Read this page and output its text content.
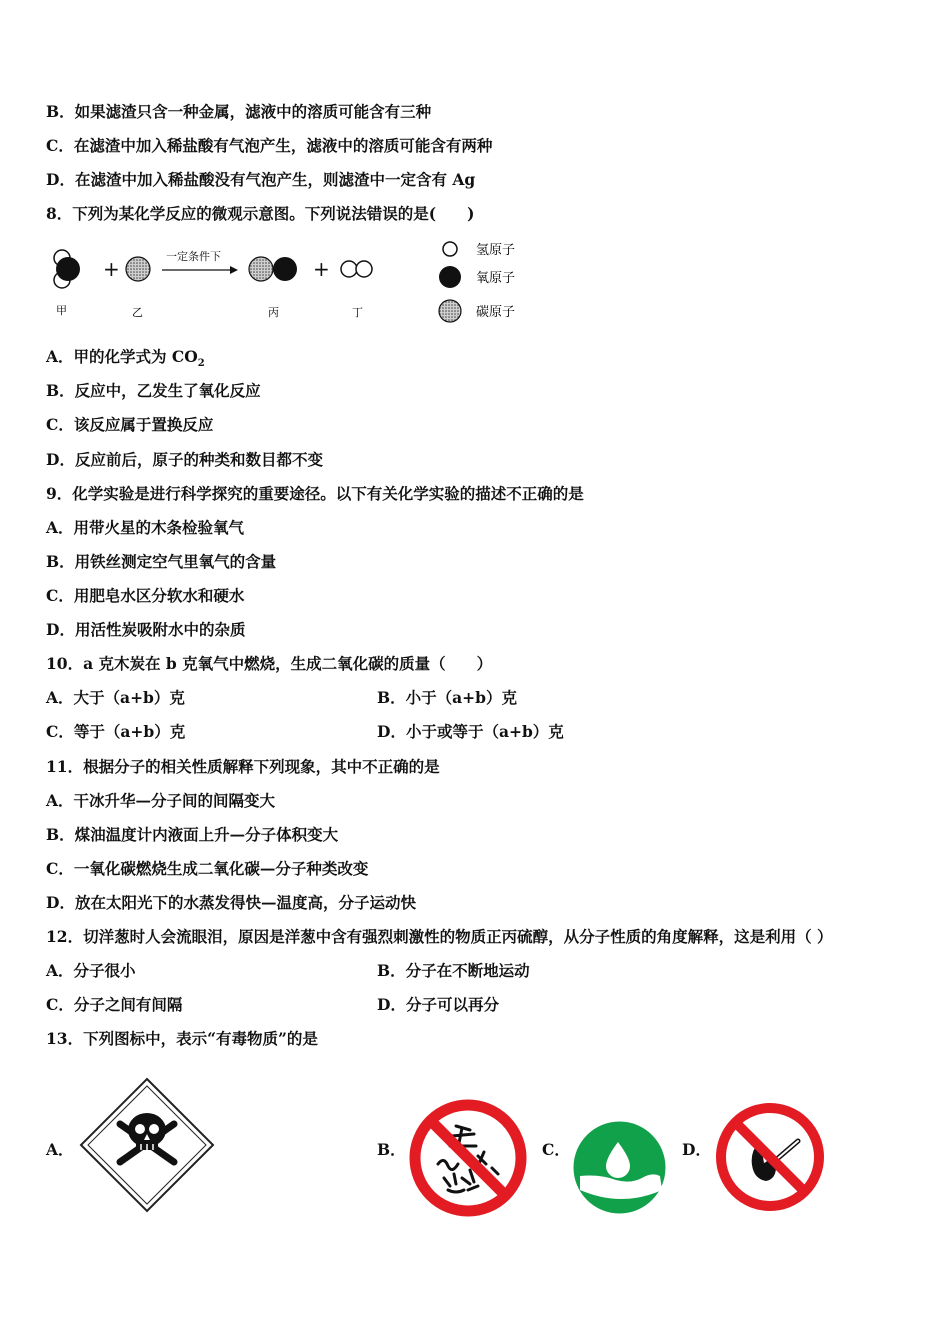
B．如果滤渣只含一种金属，滤液中的溶质可能含有三种
C．在滤渣中加入稀盐酸有气泡产生，滤液中的溶质可能含有两种
D．在滤渣中加入稀盐酸没有气泡产生，则滤渣中一定含有 Ag
8．下列为某化学反应的微观示意图。下列说法错误的是(　　)
+
一定条件下
+
甲	乙	丙	丁
氢原子
氧原子
碳原子
A．甲的化学式为 $CO_2$
B．反应中，乙发生了氧化反应
C．该反应属于置换反应
D．反应前后，原子的种类和数目都不变
9．化学实验是进行科学探究的重要途径。以下有关化学实验的描述不正确的是
A．用带火星的木条检验氧气
B．用铁丝测定空气里氧气的含量
C．用肥皂水区分软水和硬水
D．用活性炭吸附水中的杂质
10．a 克木炭在 b 克氧气中燃烧，生成二氧化碳的质量（　　）
A．大于（a+b）克	B．小于（a+b）克
C．等于（a+b）克	D．小于或等于（a+b）克
11．根据分子的相关性质解释下列现象，其中不正确的是
A．干冰升华—分子间的间隔变大
B．煤油温度计内液面上升—分子体积变大
C．一氧化碳燃烧生成二氧化碳—分子种类改变
D．放在太阳光下的水蒸发得快—温度高，分子运动快
12．切洋葱时人会流眼泪，原因是洋葱中含有强烈刺激性的物质正丙硫醇，从分子性质的角度解释，这是利用（ ）
A．分子很小	B．分子在不断地运动
C．分子之间有间隔	D．分子可以再分
13．下列图标中，表示“有毒物质”的是
A．	B．	C．	D．
